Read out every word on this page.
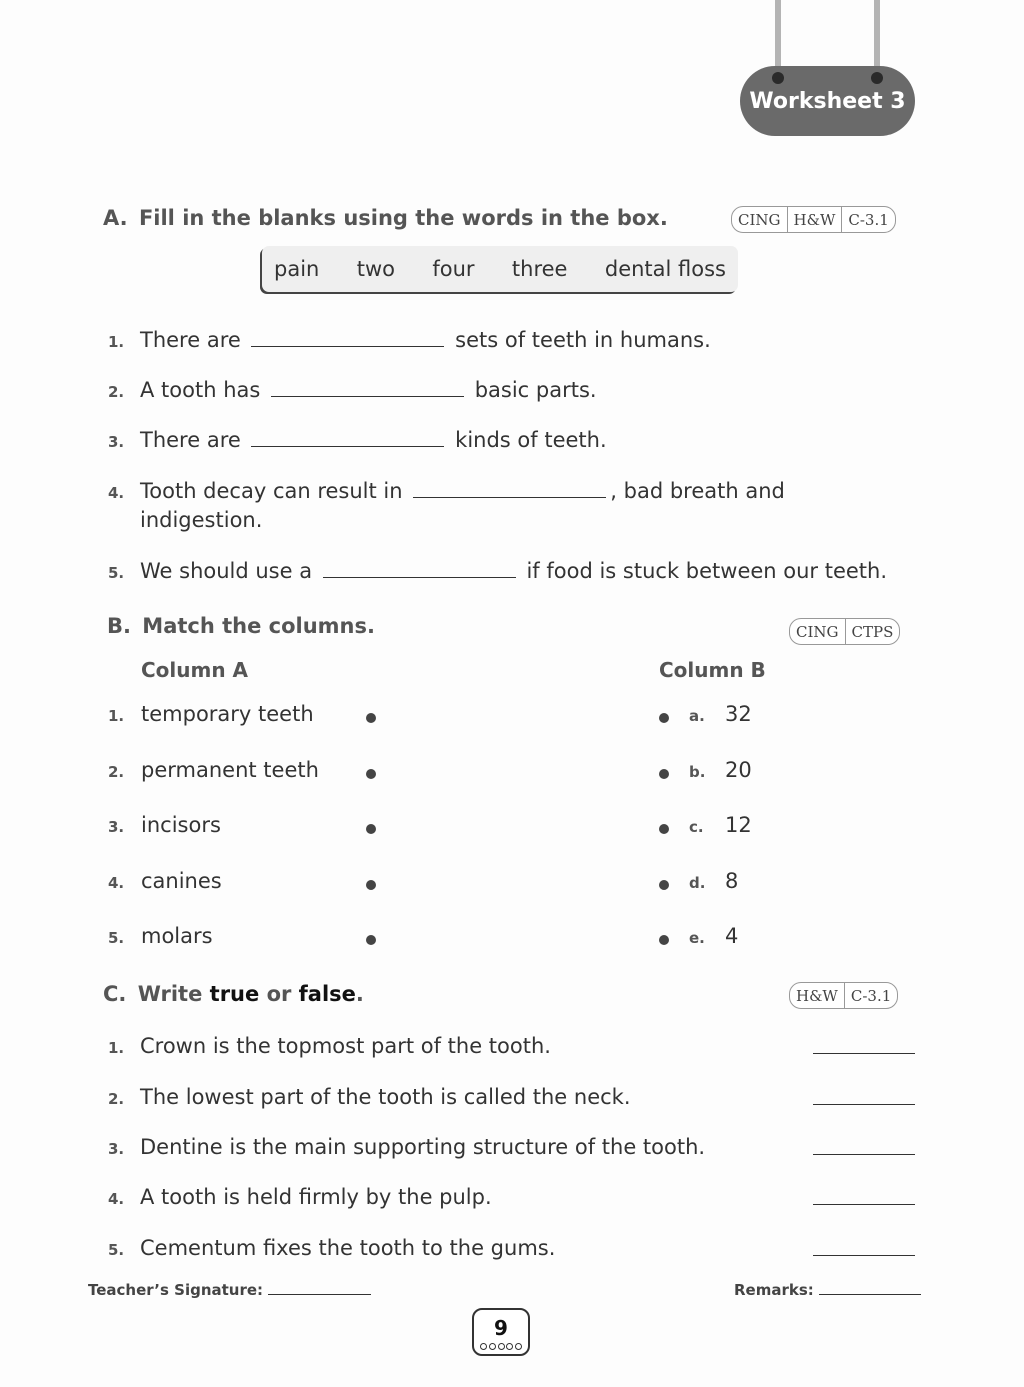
Worksheet 3
A. Fill in the blanks using the words in the box.	CING H&W C-3.1
pain two four three dental floss
1. There are	sets of teeth in humans.
2. A tooth has	basic parts.
3. There are	kinds of teeth.
4. Tooth decay can result in	, bad breath and
indigestion.
5. We should use a	if food is stuck between our teeth.
B. Match the columns.	CING CTPS
Column A	Column B
1. temporary teeth	a. 32
2. permanent teeth	b. 20
3. incisors	c. 12
4. canines	d. 8
5. molars	e. 4
C. Write true or false.	H&W C-3.1
1. Crown is the topmost part of the tooth.
2. The lowest part of the tooth is called the neck.
3. Dentine is the main supporting structure of the tooth.
4. A tooth is held firmly by the pulp.
5. Cementum fixes the tooth to the gums.
Teacher’s Signature:	Remarks:
9
